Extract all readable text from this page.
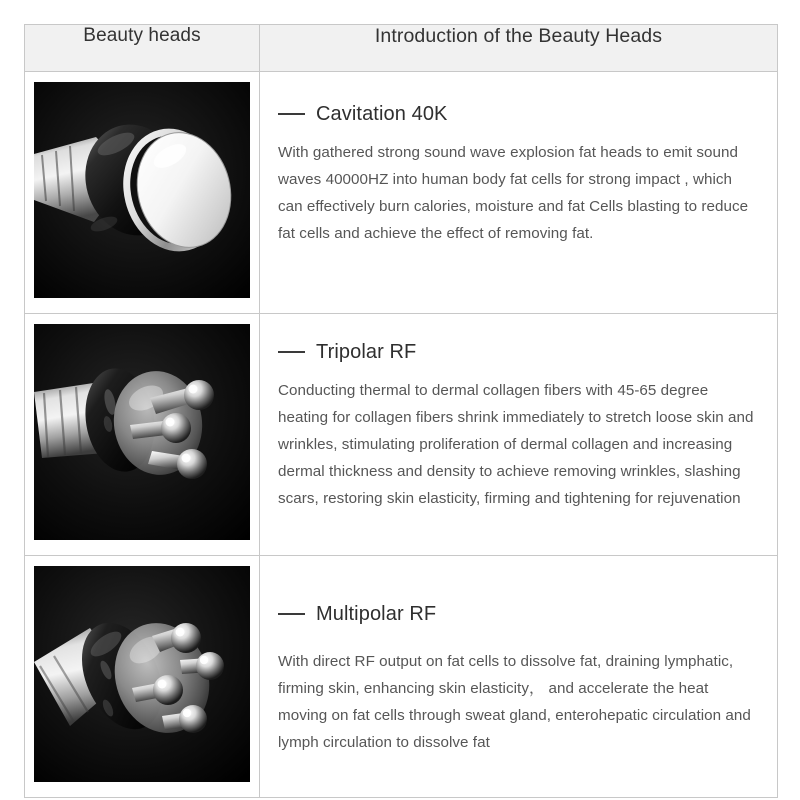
Beauty heads	Introduction of the Beauty Heads

Cavitation 40K

With gathered strong sound wave explosion fat heads to emit sound waves 40000HZ into human body fat cells for strong impact , which can effectively burn calories, moisture and fat Cells blasting to reduce fat cells and achieve the effect of removing fat.

Tripolar RF

Conducting thermal to dermal collagen fibers with 45-65 degree heating for collagen fibers shrink immediately to stretch loose skin and wrinkles, stimulating proliferation of dermal collagen and increasing dermal thickness and density to achieve removing wrinkles, slashing scars, restoring skin elasticity, firming and tightening for rejuvenation

Multipolar RF

With direct RF output on fat cells to dissolve fat, draining lymphatic, firming skin, enhancing skin elasticity， and accelerate the heat moving on fat cells through sweat gland, enterohepatic circulation and lymph circulation to dissolve fat
